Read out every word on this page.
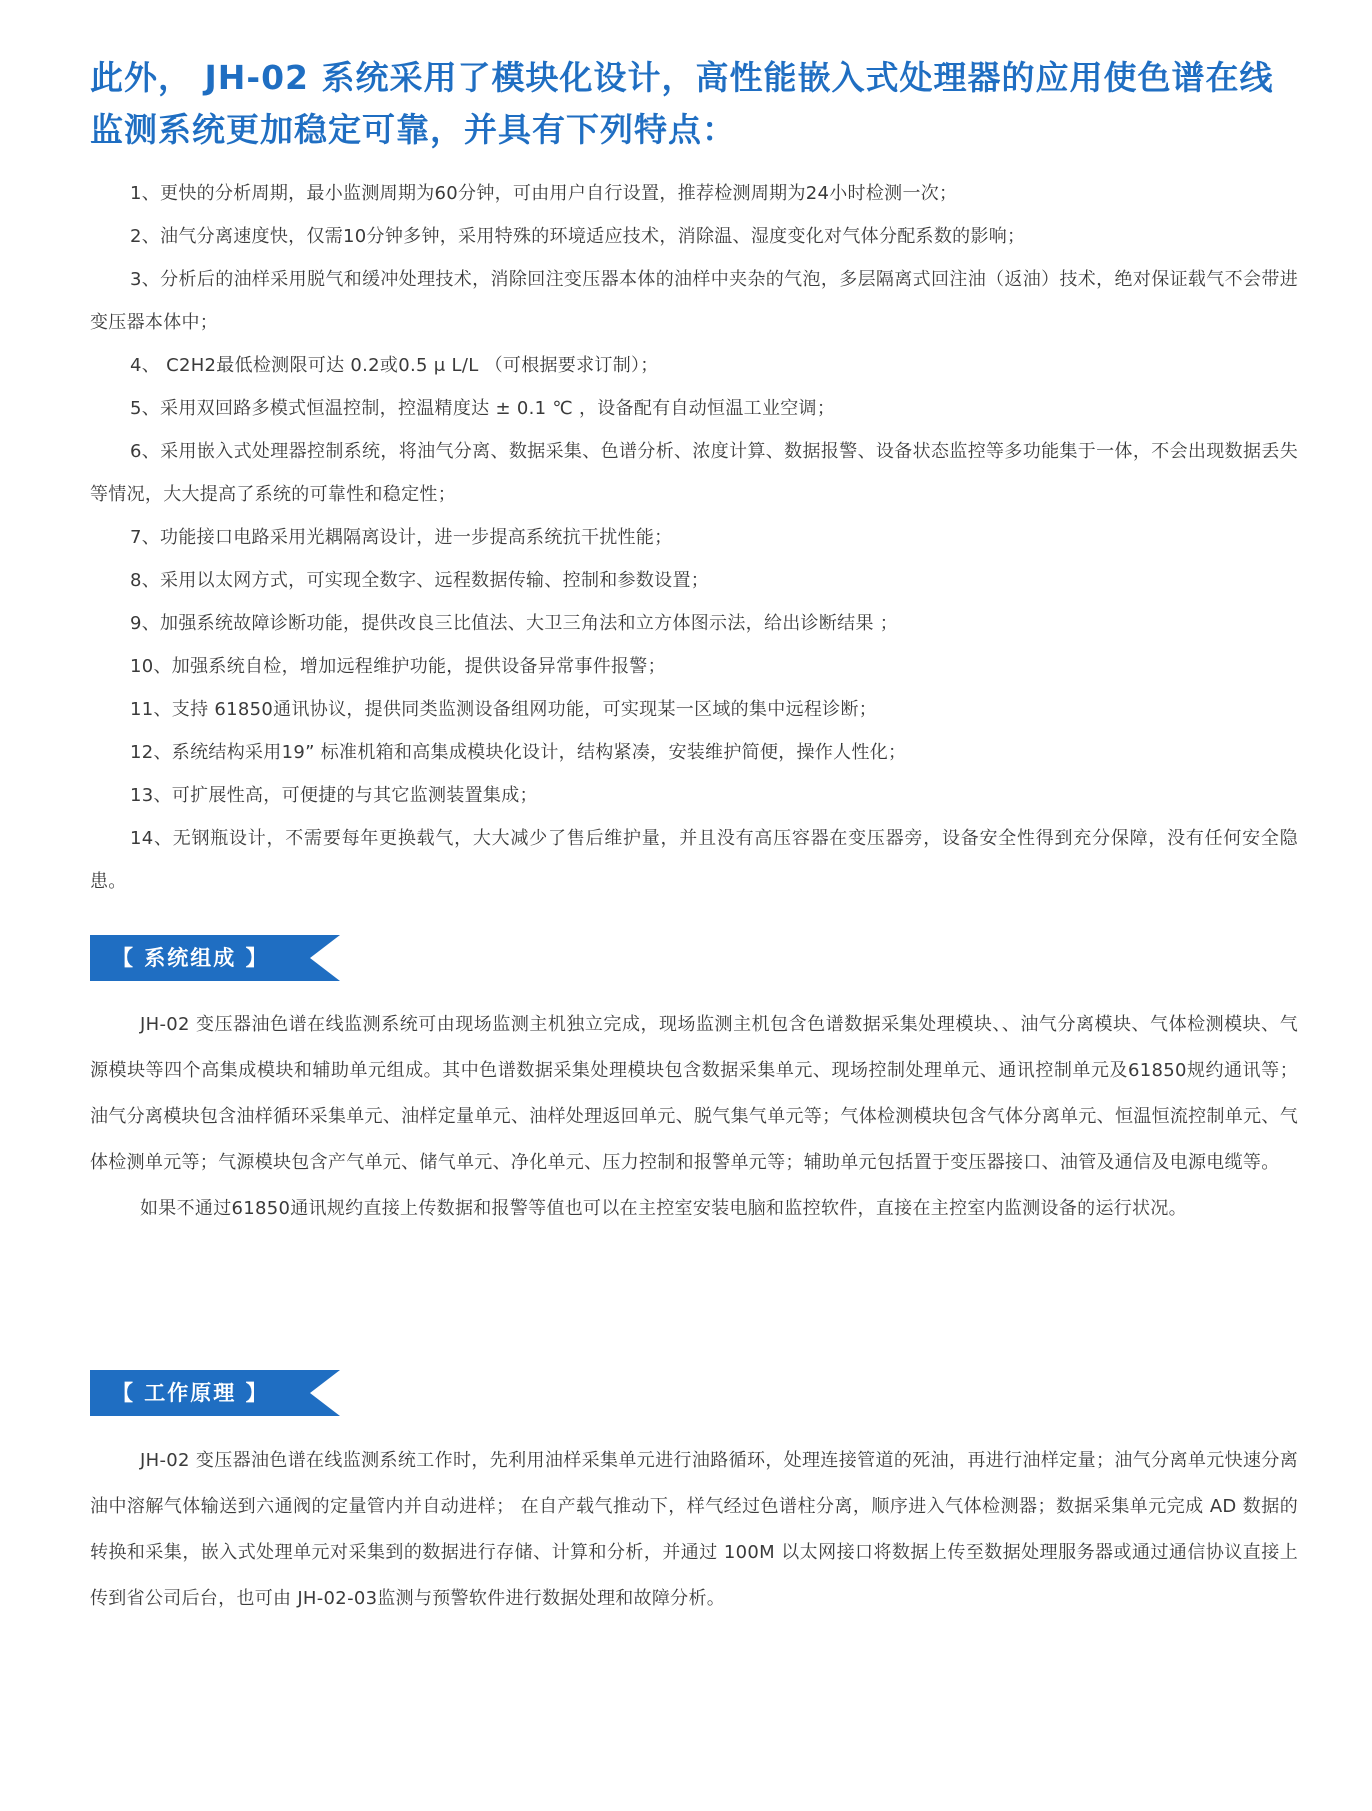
此外， JH-02 系统采用了模块化设计，高性能嵌入式处理器的应用使色谱在线监测系统更加稳定可靠，并具有下列特点：
1、更快的分析周期，最小监测周期为60分钟，可由用户自行设置，推荐检测周期为24小时检测一次；
2、油气分离速度快，仅需10分钟多钟，采用特殊的环境适应技术，消除温、湿度变化对气体分配系数的影响；
3、分析后的油样采用脱气和缓冲处理技术，消除回注变压器本体的油样中夹杂的气泡，多层隔离式回注油（返油）技术，绝对保证载气不会带进变压器本体中；
4、 C2H2最低检测限可达 0.2或0.5 μ L/L （可根据要求订制）；
5、采用双回路多模式恒温控制，控温精度达 ± 0.1 ℃ ，设备配有自动恒温工业空调；
6、采用嵌入式处理器控制系统，将油气分离、数据采集、色谱分析、浓度计算、数据报警、设备状态监控等多功能集于一体，不会出现数据丢失等情况，大大提高了系统的可靠性和稳定性；
7、功能接口电路采用光耦隔离设计，进一步提高系统抗干扰性能；
8、采用以太网方式，可实现全数字、远程数据传输、控制和参数设置；
9、加强系统故障诊断功能，提供改良三比值法、大卫三角法和立方体图示法，给出诊断结果 ；
10、加强系统自检，增加远程维护功能，提供设备异常事件报警；
11、支持 61850通讯协议，提供同类监测设备组网功能，可实现某一区域的集中远程诊断；
12、系统结构采用19” 标准机箱和高集成模块化设计，结构紧凑，安装维护简便，操作人性化；
13、可扩展性高，可便捷的与其它监测装置集成；
14、无钢瓶设计，不需要每年更换载气，大大减少了售后维护量，并且没有高压容器在变压器旁，设备安全性得到充分保障，没有任何安全隐患。
【 系统组成 】

JH-02 变压器油色谱在线监测系统可由现场监测主机独立完成，现场监测主机包含色谱数据采集处理模块、、油气分离模块、气体检测模块、气源模块等四个高集成模块和辅助单元组成。其中色谱数据采集处理模块包含数据采集单元、现场控制处理单元、通讯控制单元及61850规约通讯等；油气分离模块包含油样循环采集单元、油样定量单元、油样处理返回单元、脱气集气单元等；气体检测模块包含气体分离单元、恒温恒流控制单元、气体检测单元等；气源模块包含产气单元、储气单元、净化单元、压力控制和报警单元等；辅助单元包括置于变压器接口、油管及通信及电源电缆等。

如果不通过61850通讯规约直接上传数据和报警等值也可以在主控室安装电脑和监控软件，直接在主控室内监测设备的运行状况。

【 工作原理 】

JH-02 变压器油色谱在线监测系统工作时，先利用油样采集单元进行油路循环，处理连接管道的死油，再进行油样定量；油气分离单元快速分离油中溶解气体输送到六通阀的定量管内并自动进样； 在自产载气推动下，样气经过色谱柱分离，顺序进入气体检测器；数据采集单元完成 AD 数据的转换和采集，嵌入式处理单元对采集到的数据进行存储、计算和分析，并通过 100M 以太网接口将数据上传至数据处理服务器或通过通信协议直接上传到省公司后台，也可由 JH-02-03监测与预警软件进行数据处理和故障分析。
